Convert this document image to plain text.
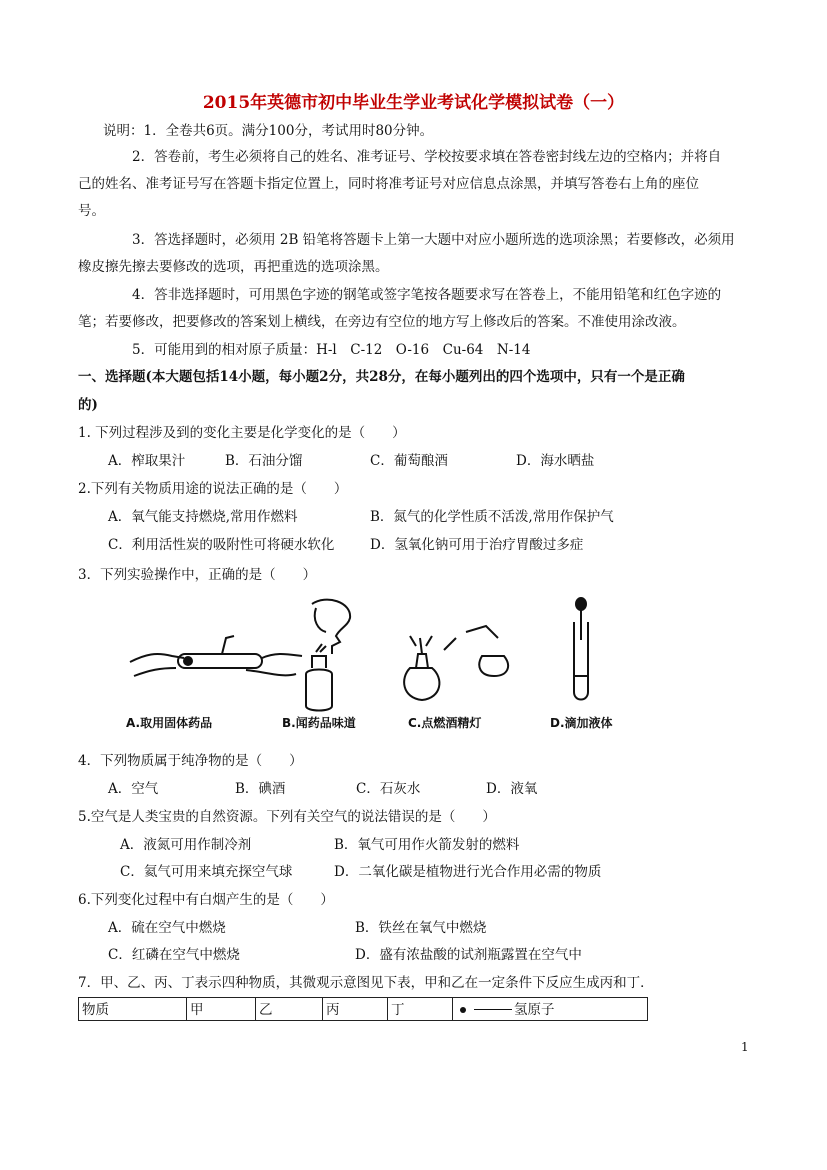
2015年英德市初中毕业生学业考试化学模拟试卷（一）
说明：1．全卷共6页。满分100分，考试用时80分钟。
2．答卷前，考生必须将自己的姓名、准考证号、学校按要求填在答卷密封线左边的空格内；并将自
己的姓名、准考证号写在答题卡指定位置上，同时将准考证号对应信息点涂黑，并填写答卷右上角的座位
号。
3．答选择题时，必须用 2B 铅笔将答题卡上第一大题中对应小题所选的选项涂黑；若要修改，必须用
橡皮擦先擦去要修改的选项，再把重选的选项涂黑。
4．答非选择题时，可用黑色字迹的钢笔或签字笔按各题要求写在答卷上，不能用铅笔和红色字迹的
笔；若要修改，把要修改的答案划上横线，在旁边有空位的地方写上修改后的答案。不准使用涂改液。
5．可能用到的相对原子质量：H-l　C-12　O-16　Cu-64　N-14
一、选择题(本大题包括14小题，每小题2分，共28分，在每小题列出的四个选项中，只有一个是正确
的)
1. 下列过程涉及到的变化主要是化学变化的是（　　）
A．榨取果汁	B．石油分馏	C．葡萄酿酒	D．海水晒盐
2.下列有关物质用途的说法正确的是（　　）
A．氧气能支持燃烧,常用作燃料	B．氮气的化学性质不活泼,常用作保护气
C．利用活性炭的吸附性可将硬水软化	D．氢氧化钠可用于治疗胃酸过多症
3．下列实验操作中，正确的是（　　）
A.取用固体药品	B.闻药品味道	C.点燃酒精灯	D.滴加液体
4．下列物质属于纯净物的是（　　）
A．空气	B．碘酒	C．石灰水	D．液氧
5.空气是人类宝贵的自然资源。下列有关空气的说法错误的是（　　）
A．液氮可用作制冷剂	B．氧气可用作火箭发射的燃料
C．氦气可用来填充探空气球	D．二氧化碳是植物进行光合作用必需的物质
6.下列变化过程中有白烟产生的是（　　）
A．硫在空气中燃烧	B．铁丝在氧气中燃烧
C．红磷在空气中燃烧	D．盛有浓盐酸的试剂瓶露置在空气中
7．甲、乙、丙、丁表示四种物质，其微观示意图见下表，甲和乙在一定条件下反应生成丙和丁．
物质	甲	乙	丙	丁	氢原子
1
